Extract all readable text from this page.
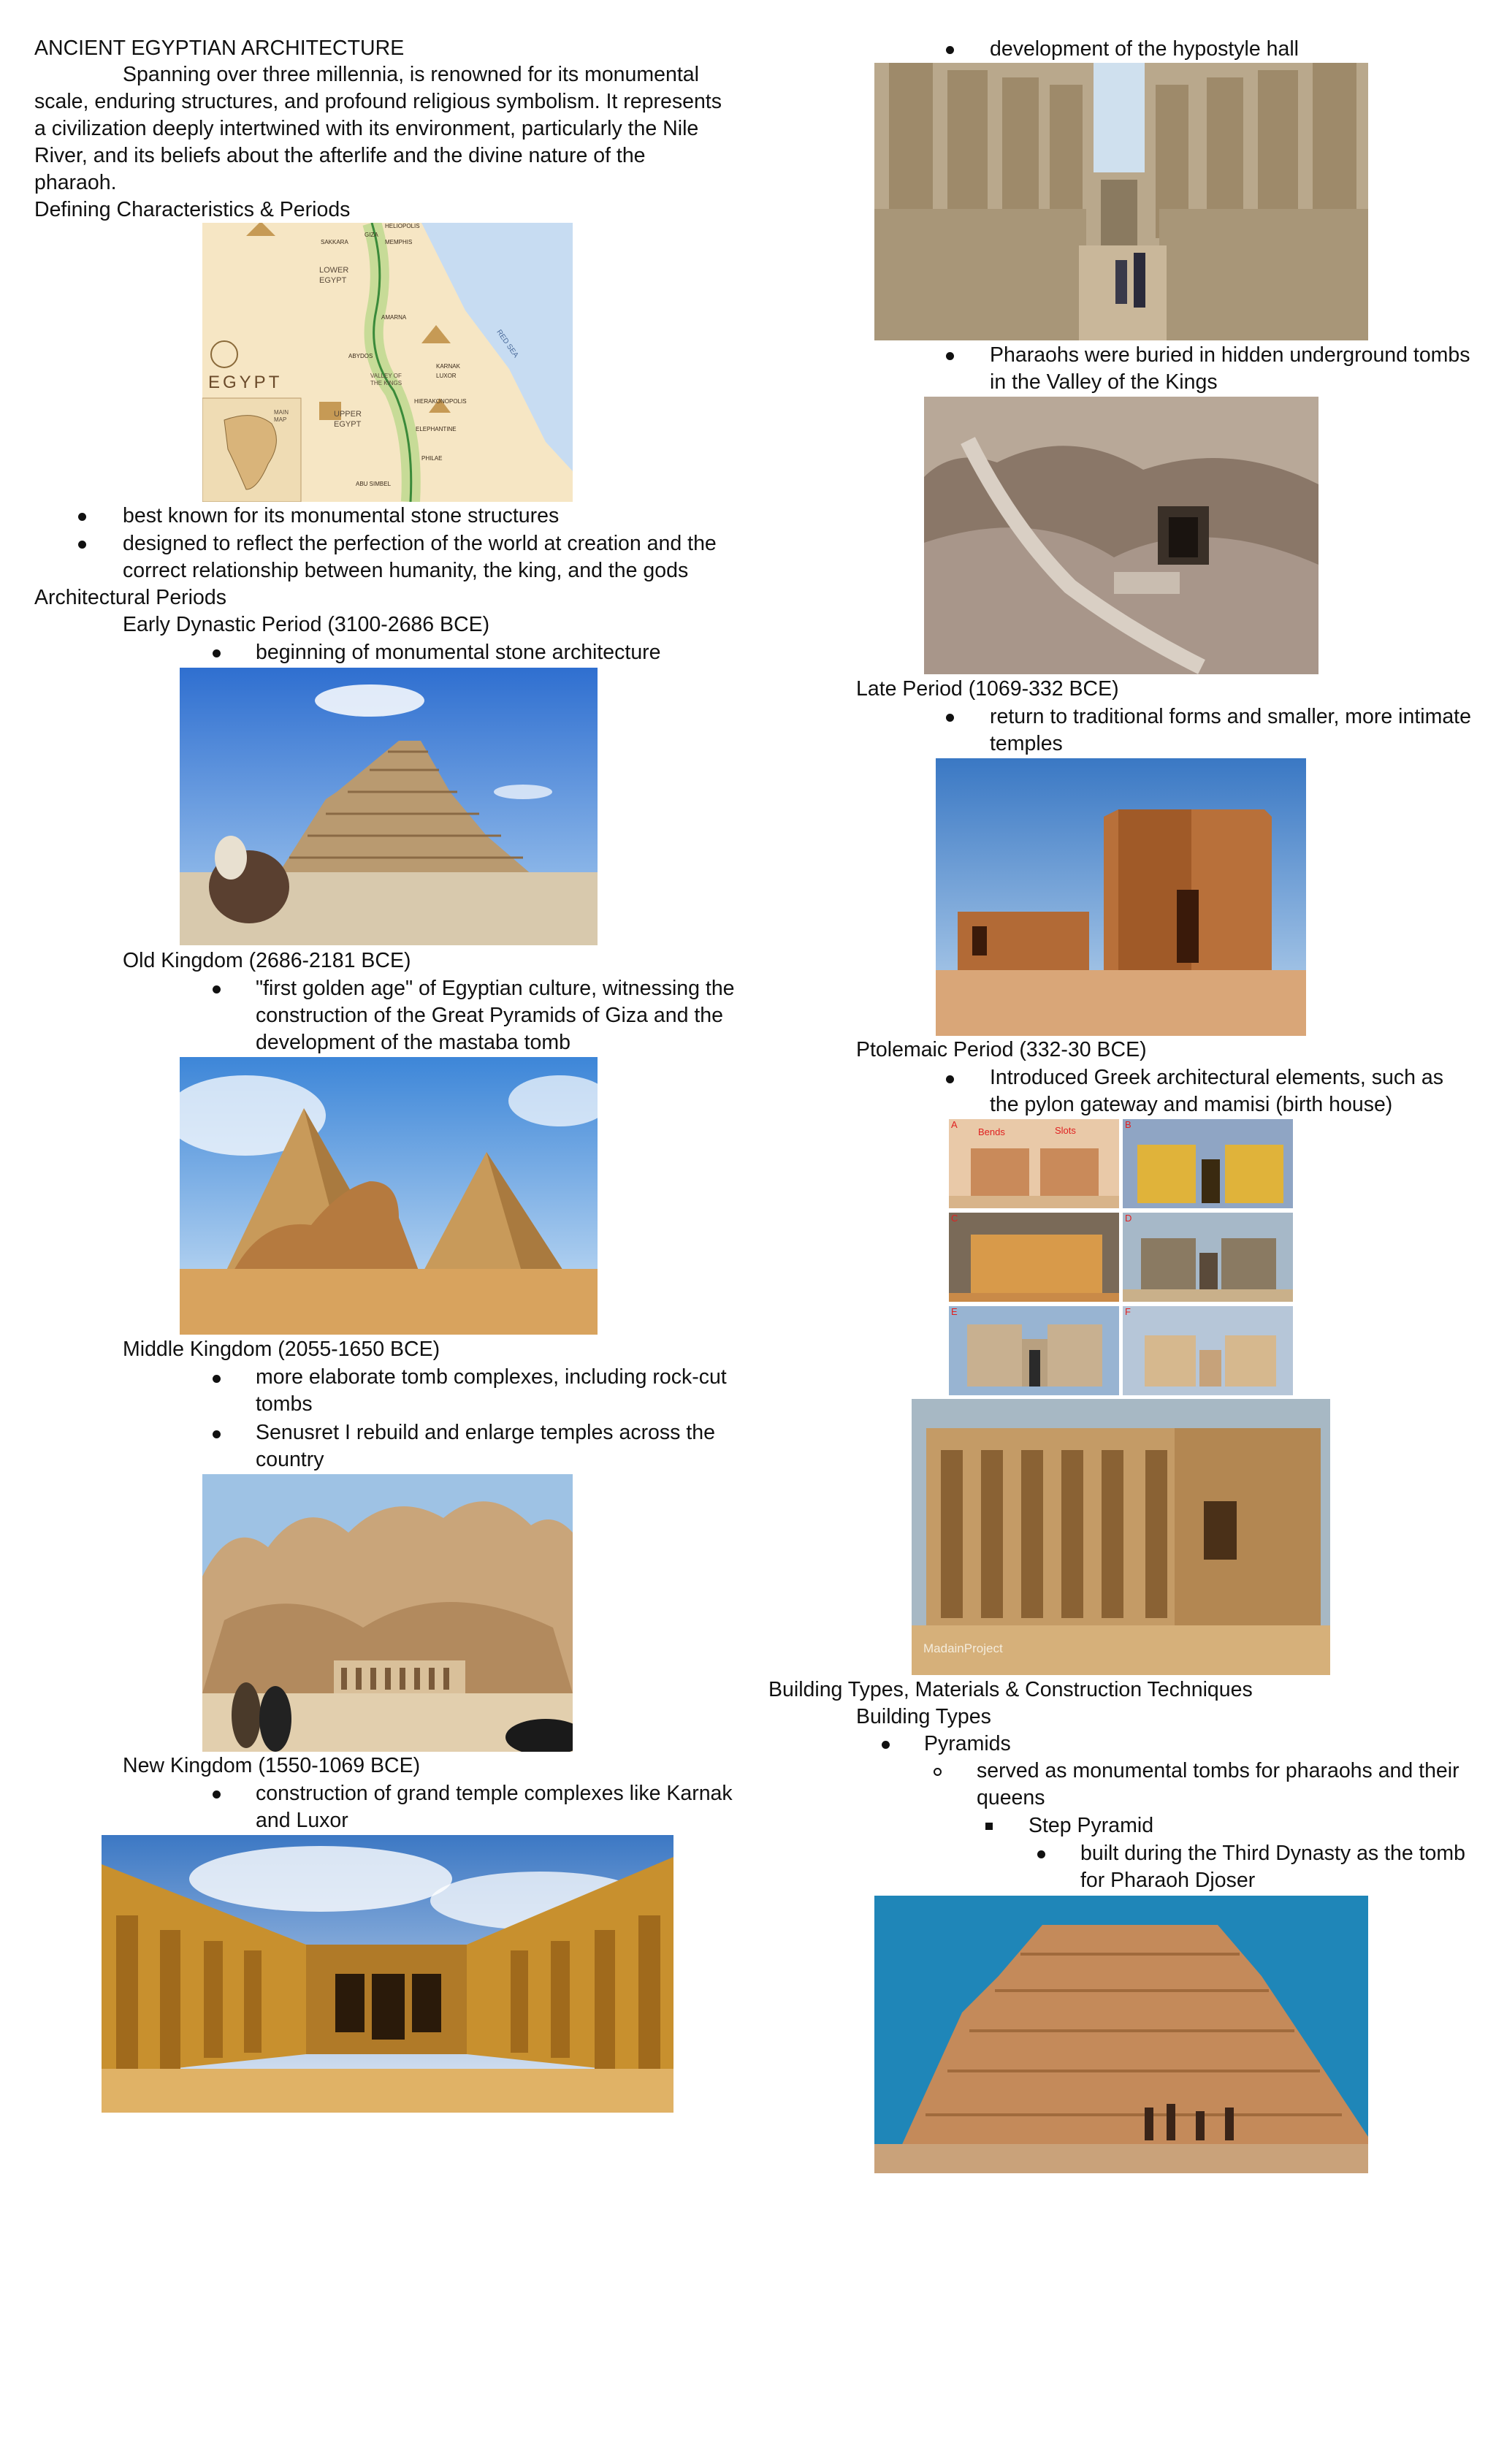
ANCIENT EGYPTIAN ARCHITECTURE
Spanning over three millennia, is renowned for its monumental scale, enduring structures, and profound religious symbolism. It represents a civilization deeply intertwined with its environment, particularly the Nile River, and its beliefs about the afterlife and the divine nature of the pharaoh.
Defining Characteristics & Periods
EGYPT
LOWER EGYPT
UPPER EGYPT
RED SEA
MAIN MAP
VALLEY OF THE KINGS
HELIOPOLIS
SAKKARA
GIZA
MEMPHIS
AMARNA
ABYDOS
KARNAK
LUXOR
HIERAKONOPOLIS
ELEPHANTINE
PHILAE
ABU SIMBEL
best known for its monumental stone structures
designed to reflect the perfection of the world at creation and the correct relationship between humanity, the king, and the gods
Architectural Periods
Early Dynastic Period (3100-2686 BCE)
beginning of monumental stone architecture
Old Kingdom (2686-2181 BCE)
"first golden age" of Egyptian culture, witnessing the construction of the Great Pyramids of Giza and the development of the mastaba tomb
Middle Kingdom (2055-1650 BCE)
more elaborate tomb complexes, including rock-cut tombs
Senusret I rebuild and enlarge temples across the country
New Kingdom (1550-1069 BCE)
construction of grand temple complexes like Karnak and Luxor
development of the hypostyle hall
Pharaohs were buried in hidden underground tombs in the Valley of the Kings
Late Period (1069-332 BCE)
return to traditional forms and smaller, more intimate temples
Ptolemaic Period (332-30 BCE)
Introduced Greek architectural elements, such as the pylon gateway and mamisi (birth house)
A
Bends	Slots
B
C	D
E	F
MadainProject
Building Types, Materials & Construction Techniques
Building Types
Pyramids
served as monumental tombs for pharaohs and their queens
Step Pyramid
built during the Third Dynasty as the tomb for Pharaoh Djoser
